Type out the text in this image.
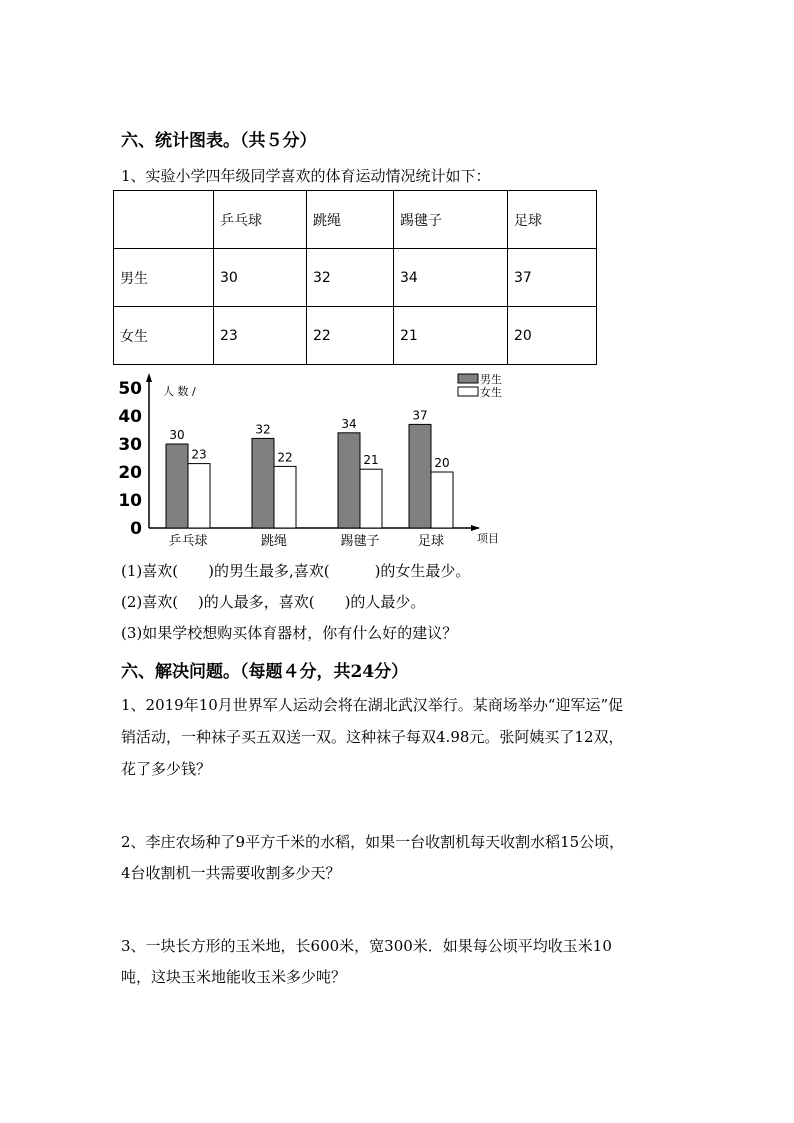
六、统计图表。（共５分）
1、实验小学四年级同学喜欢的体育运动情况统计如下：
	乒乓球	跳绳	踢毽子	足球
男生	30	32	34	37
女生	23	22	21	20
0
10
20
30
40
50 人 数 /
项目
30
23
乒乓球
32
22
跳绳
34
21
踢毽子
37
20
足球
男生
女生
(1)喜欢(　　)的男生最多,喜欢(　　　)的女生最少。
(2)喜欢(　 )的人最多，喜欢(　　)的人最少。
(3)如果学校想购买体育器材，你有什么好的建议？
六、解决问题。（每题４分，共24分）
1、2019年10月世界军人运动会将在湖北武汉举行。某商场举办“迎军运”促
销活动，一种袜子买五双送一双。这种袜子每双4.98元。张阿姨买了12双，
花了多少钱？
2、李庄农场种了9平方千米的水稻，如果一台收割机每天收割水稻15公顷，
4台收割机一共需要收割多少天？
3、一块长方形的玉米地，长600米，宽300米．如果每公顷平均收玉米10
吨，这块玉米地能收玉米多少吨？
